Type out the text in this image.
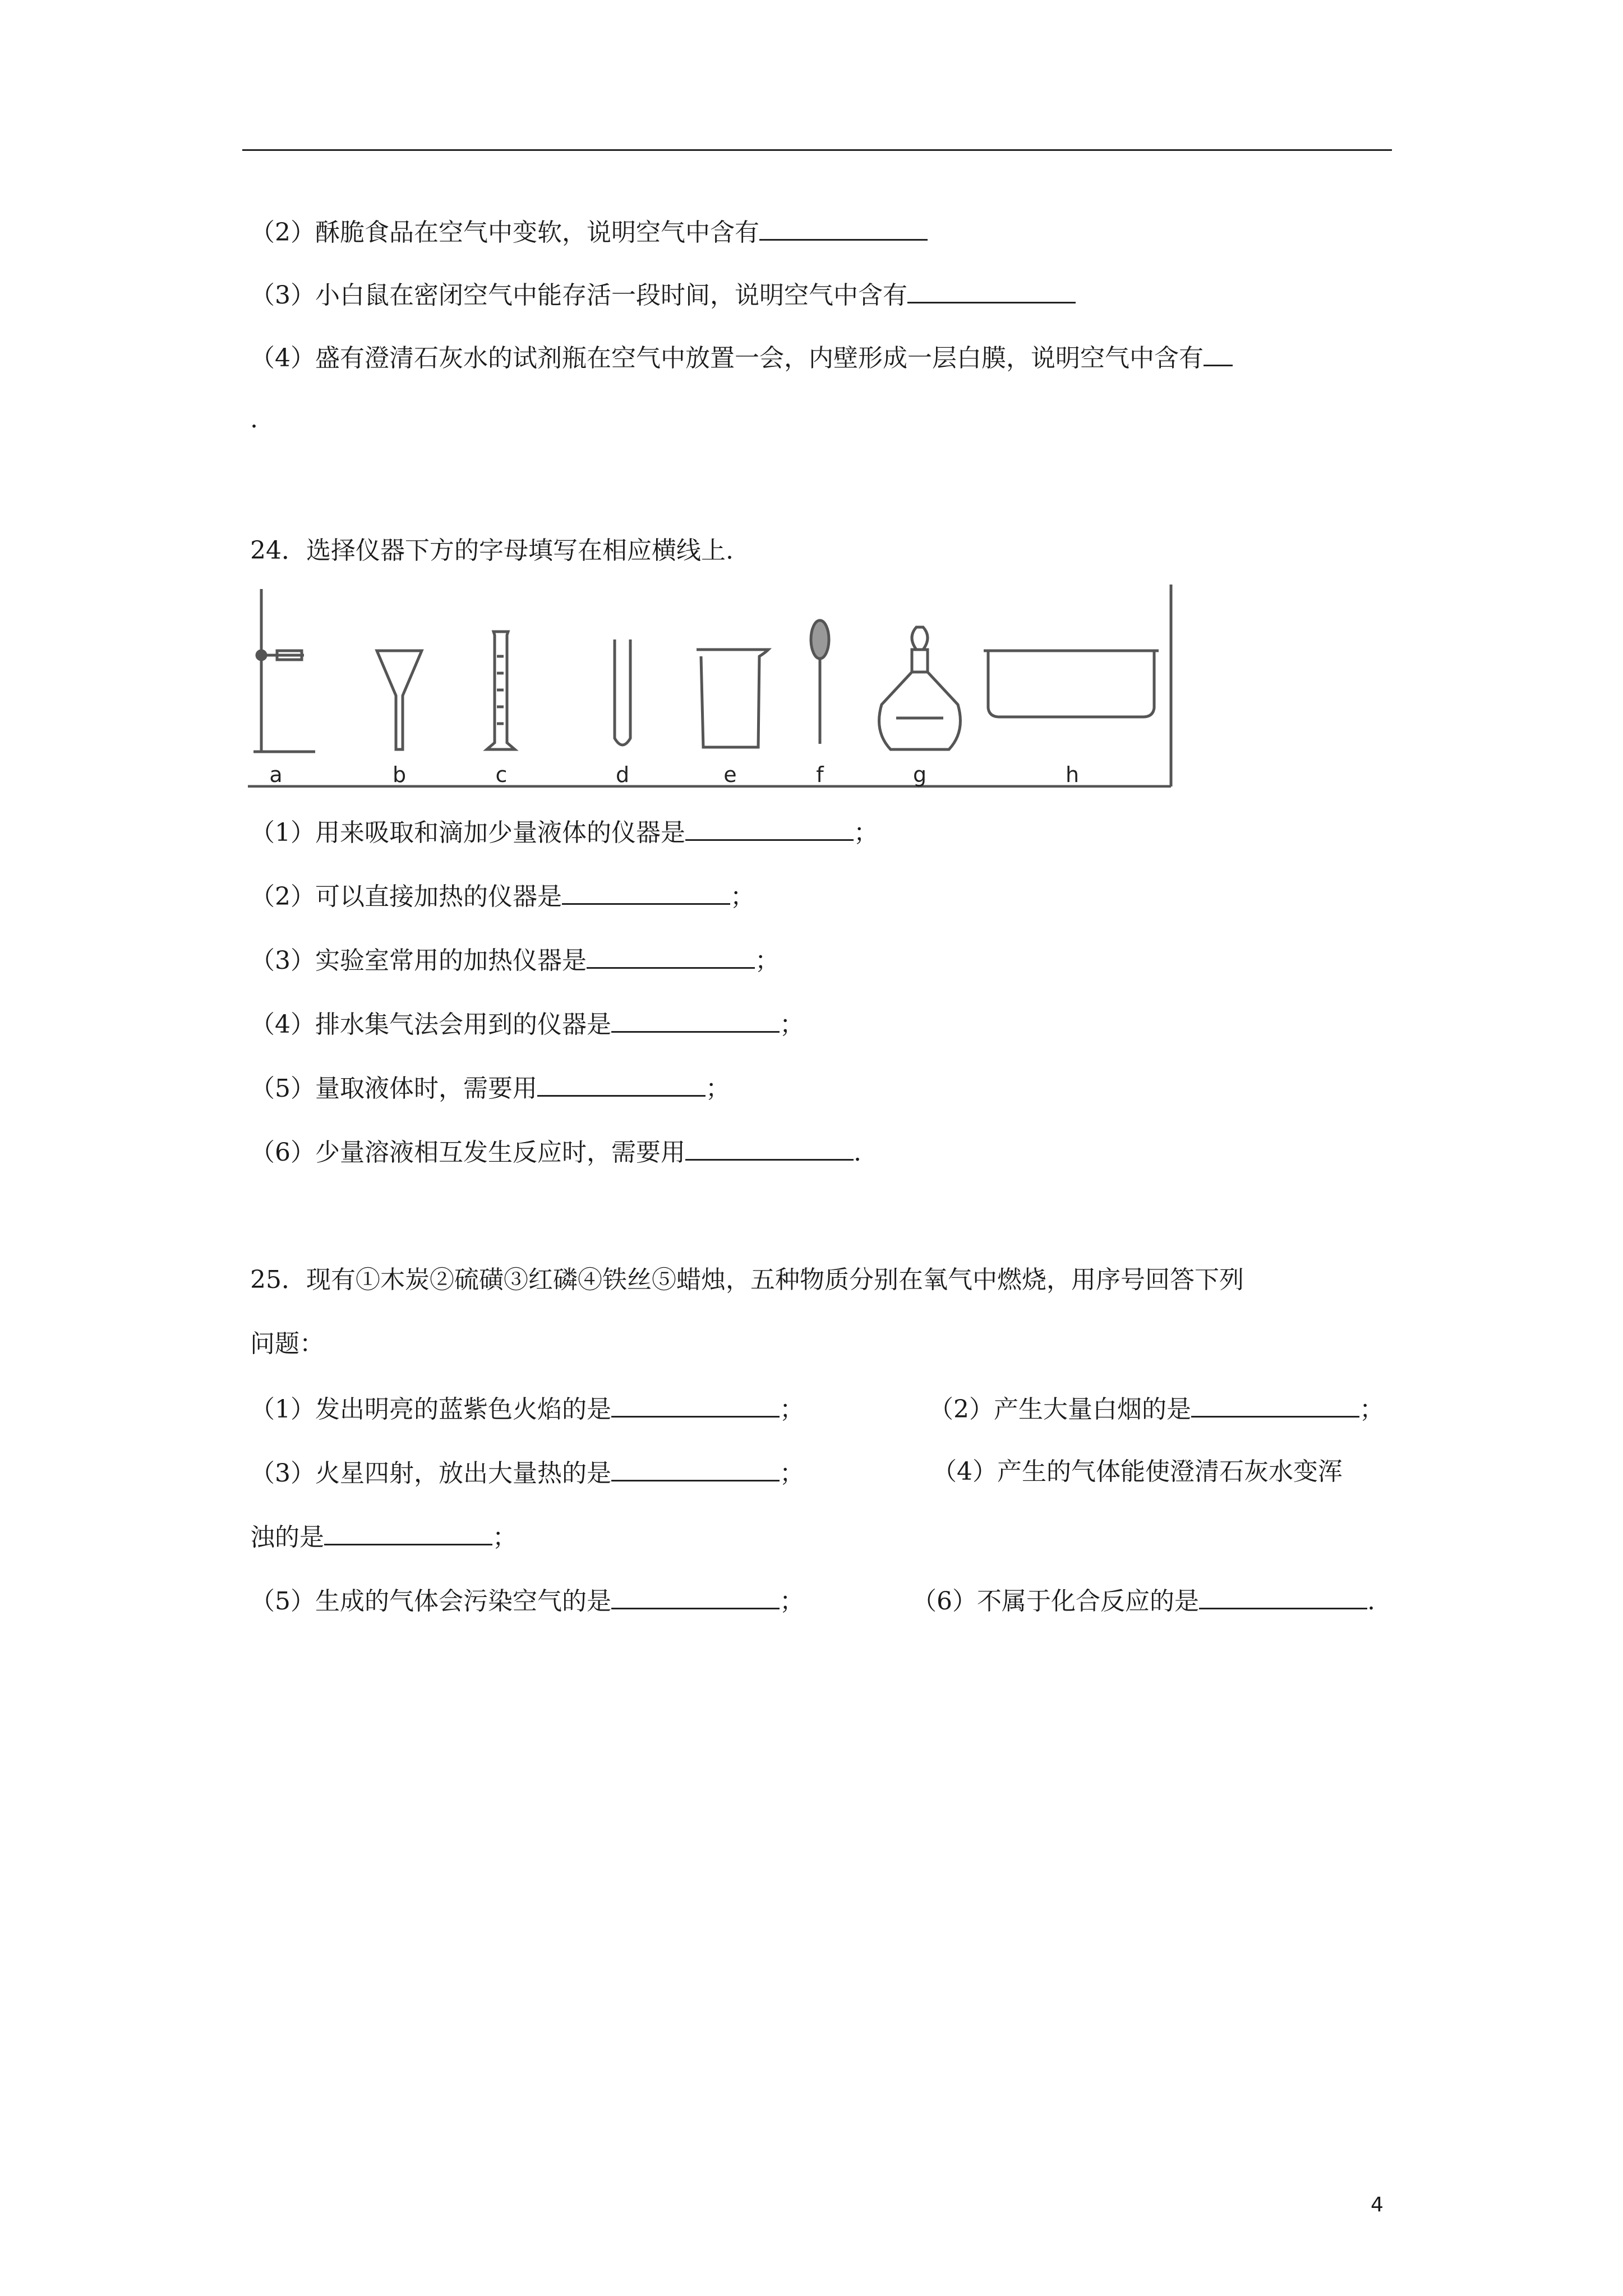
（2）酥脆食品在空气中变软，说明空气中含有
（3）小白鼠在密闭空气中能存活一段时间，说明空气中含有
（4）盛有澄清石灰水的试剂瓶在空气中放置一会，内壁形成一层白膜，说明空气中含有
.
24．选择仪器下方的字母填写在相应横线上.
a	b	c	d	e	f	g	h
（1）用来吸取和滴加少量液体的仪器是	；
（2）可以直接加热的仪器是	；
（3）实验室常用的加热仪器是	；
（4）排水集气法会用到的仪器是	；
（5）量取液体时，需要用	；
（6）少量溶液相互发生反应时，需要用	.
25．现有①木炭②硫磺③红磷④铁丝⑤蜡烛，五种物质分别在氧气中燃烧，用序号回答下列
问题：
（1）发出明亮的蓝紫色火焰的是	；	（2）产生大量白烟的是	；
（3）火星四射，放出大量热的是	；	（4）产生的气体能使澄清石灰水变浑
浊的是	；
（5）生成的气体会污染空气的是	；	（6）不属于化合反应的是	.
4
